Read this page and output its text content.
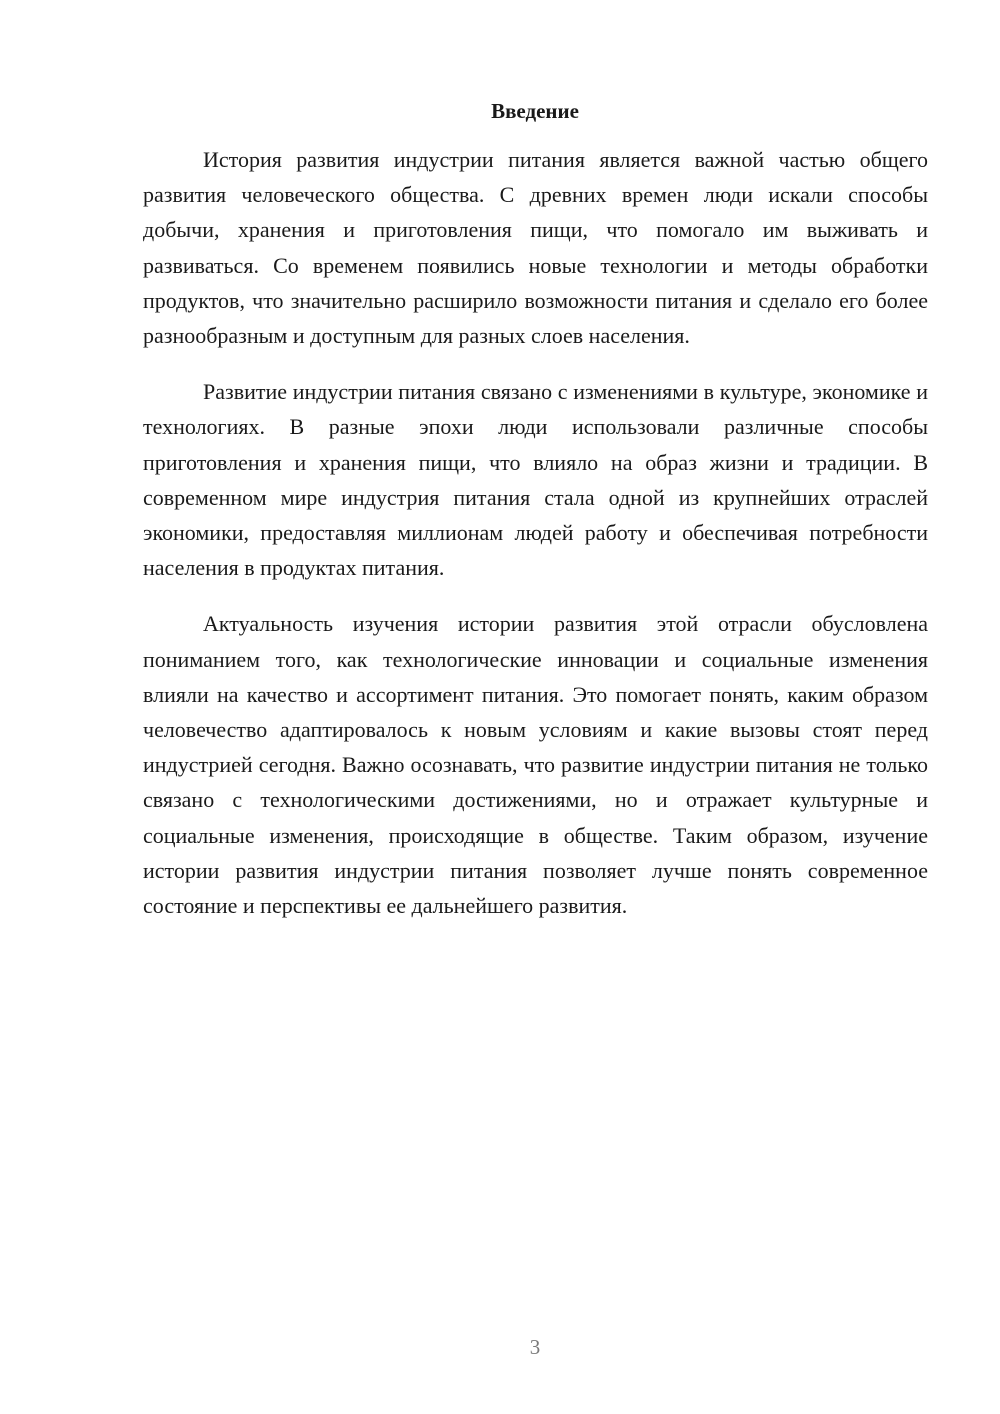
Введение

История развития индустрии питания является важной частью общего развития человеческого общества. С древних времен люди искали способы добычи, хранения и приготовления пищи, что помогало им выживать и развиваться. Со временем появились новые технологии и методы обработки продуктов, что значительно расширило возможности питания и сделало его более разнообразным и доступным для разных слоев населения.

Развитие индустрии питания связано с изменениями в культуре, экономике и технологиях. В разные эпохи люди использовали различные способы приготовления и хранения пищи, что влияло на образ жизни и традиции. В современном мире индустрия питания стала одной из крупнейших отраслей экономики, предоставляя миллионам людей работу и обеспечивая потребности населения в продуктах питания.

Актуальность изучения истории развития этой отрасли обусловлена пониманием того, как технологические инновации и социальные изменения влияли на качество и ассортимент питания. Это помогает понять, каким образом человечество адаптировалось к новым условиям и какие вызовы стоят перед индустрией сегодня. Важно осознавать, что развитие индустрии питания не только связано с технологическими достижениями, но и отражает культурные и социальные изменения, происходящие в обществе. Таким образом, изучение истории развития индустрии питания позволяет лучше понять современное состояние и перспективы ее дальнейшего развития.

3
